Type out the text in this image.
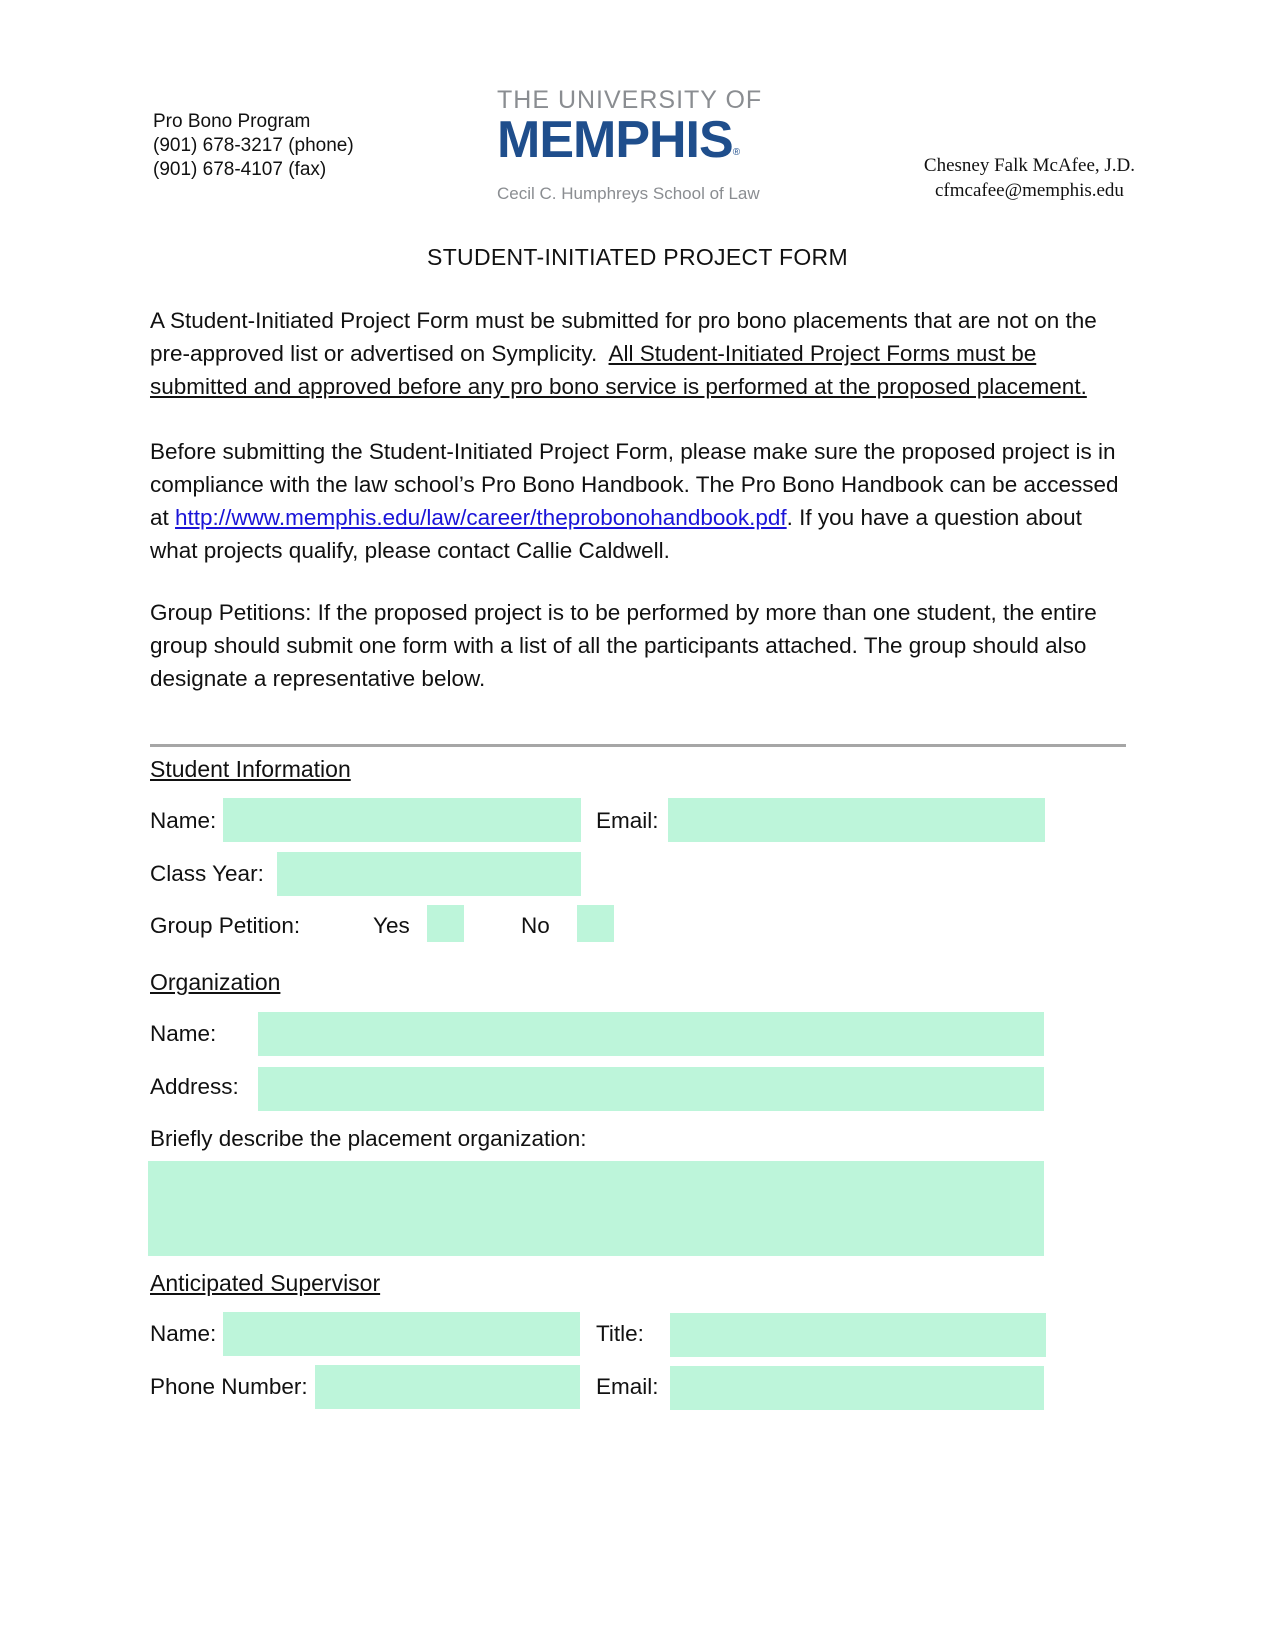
Pro Bono Program
(901) 678-3217 (phone)
(901) 678-4107 (fax)
THE UNIVERSITY OF
MEMPHIS®
Cecil C. Humphreys School of Law
Chesney Falk McAfee, J.D.
cfmcafee@memphis.edu
STUDENT-INITIATED PROJECT FORM
A Student-Initiated Project Form must be submitted for pro bono placements that are not on the pre-approved list or advertised on Symplicity. All Student-Initiated Project Forms must be submitted and approved before any pro bono service is performed at the proposed placement.
Before submitting the Student-Initiated Project Form, please make sure the proposed project is in compliance with the law school’s Pro Bono Handbook. The Pro Bono Handbook can be accessed at http://www.memphis.edu/law/career/theprobonohandbook.pdf. If you have a question about what projects qualify, please contact Callie Caldwell.
Group Petitions: If the proposed project is to be performed by more than one student, the entire group should submit one form with a list of all the participants attached. The group should also designate a representative below.
Student Information
Name:	Email:
Class Year:
Group Petition:	Yes	No
Organization
Name:
Address:
Briefly describe the placement organization:
Anticipated Supervisor
Name:	Title:
Phone Number:	Email:
